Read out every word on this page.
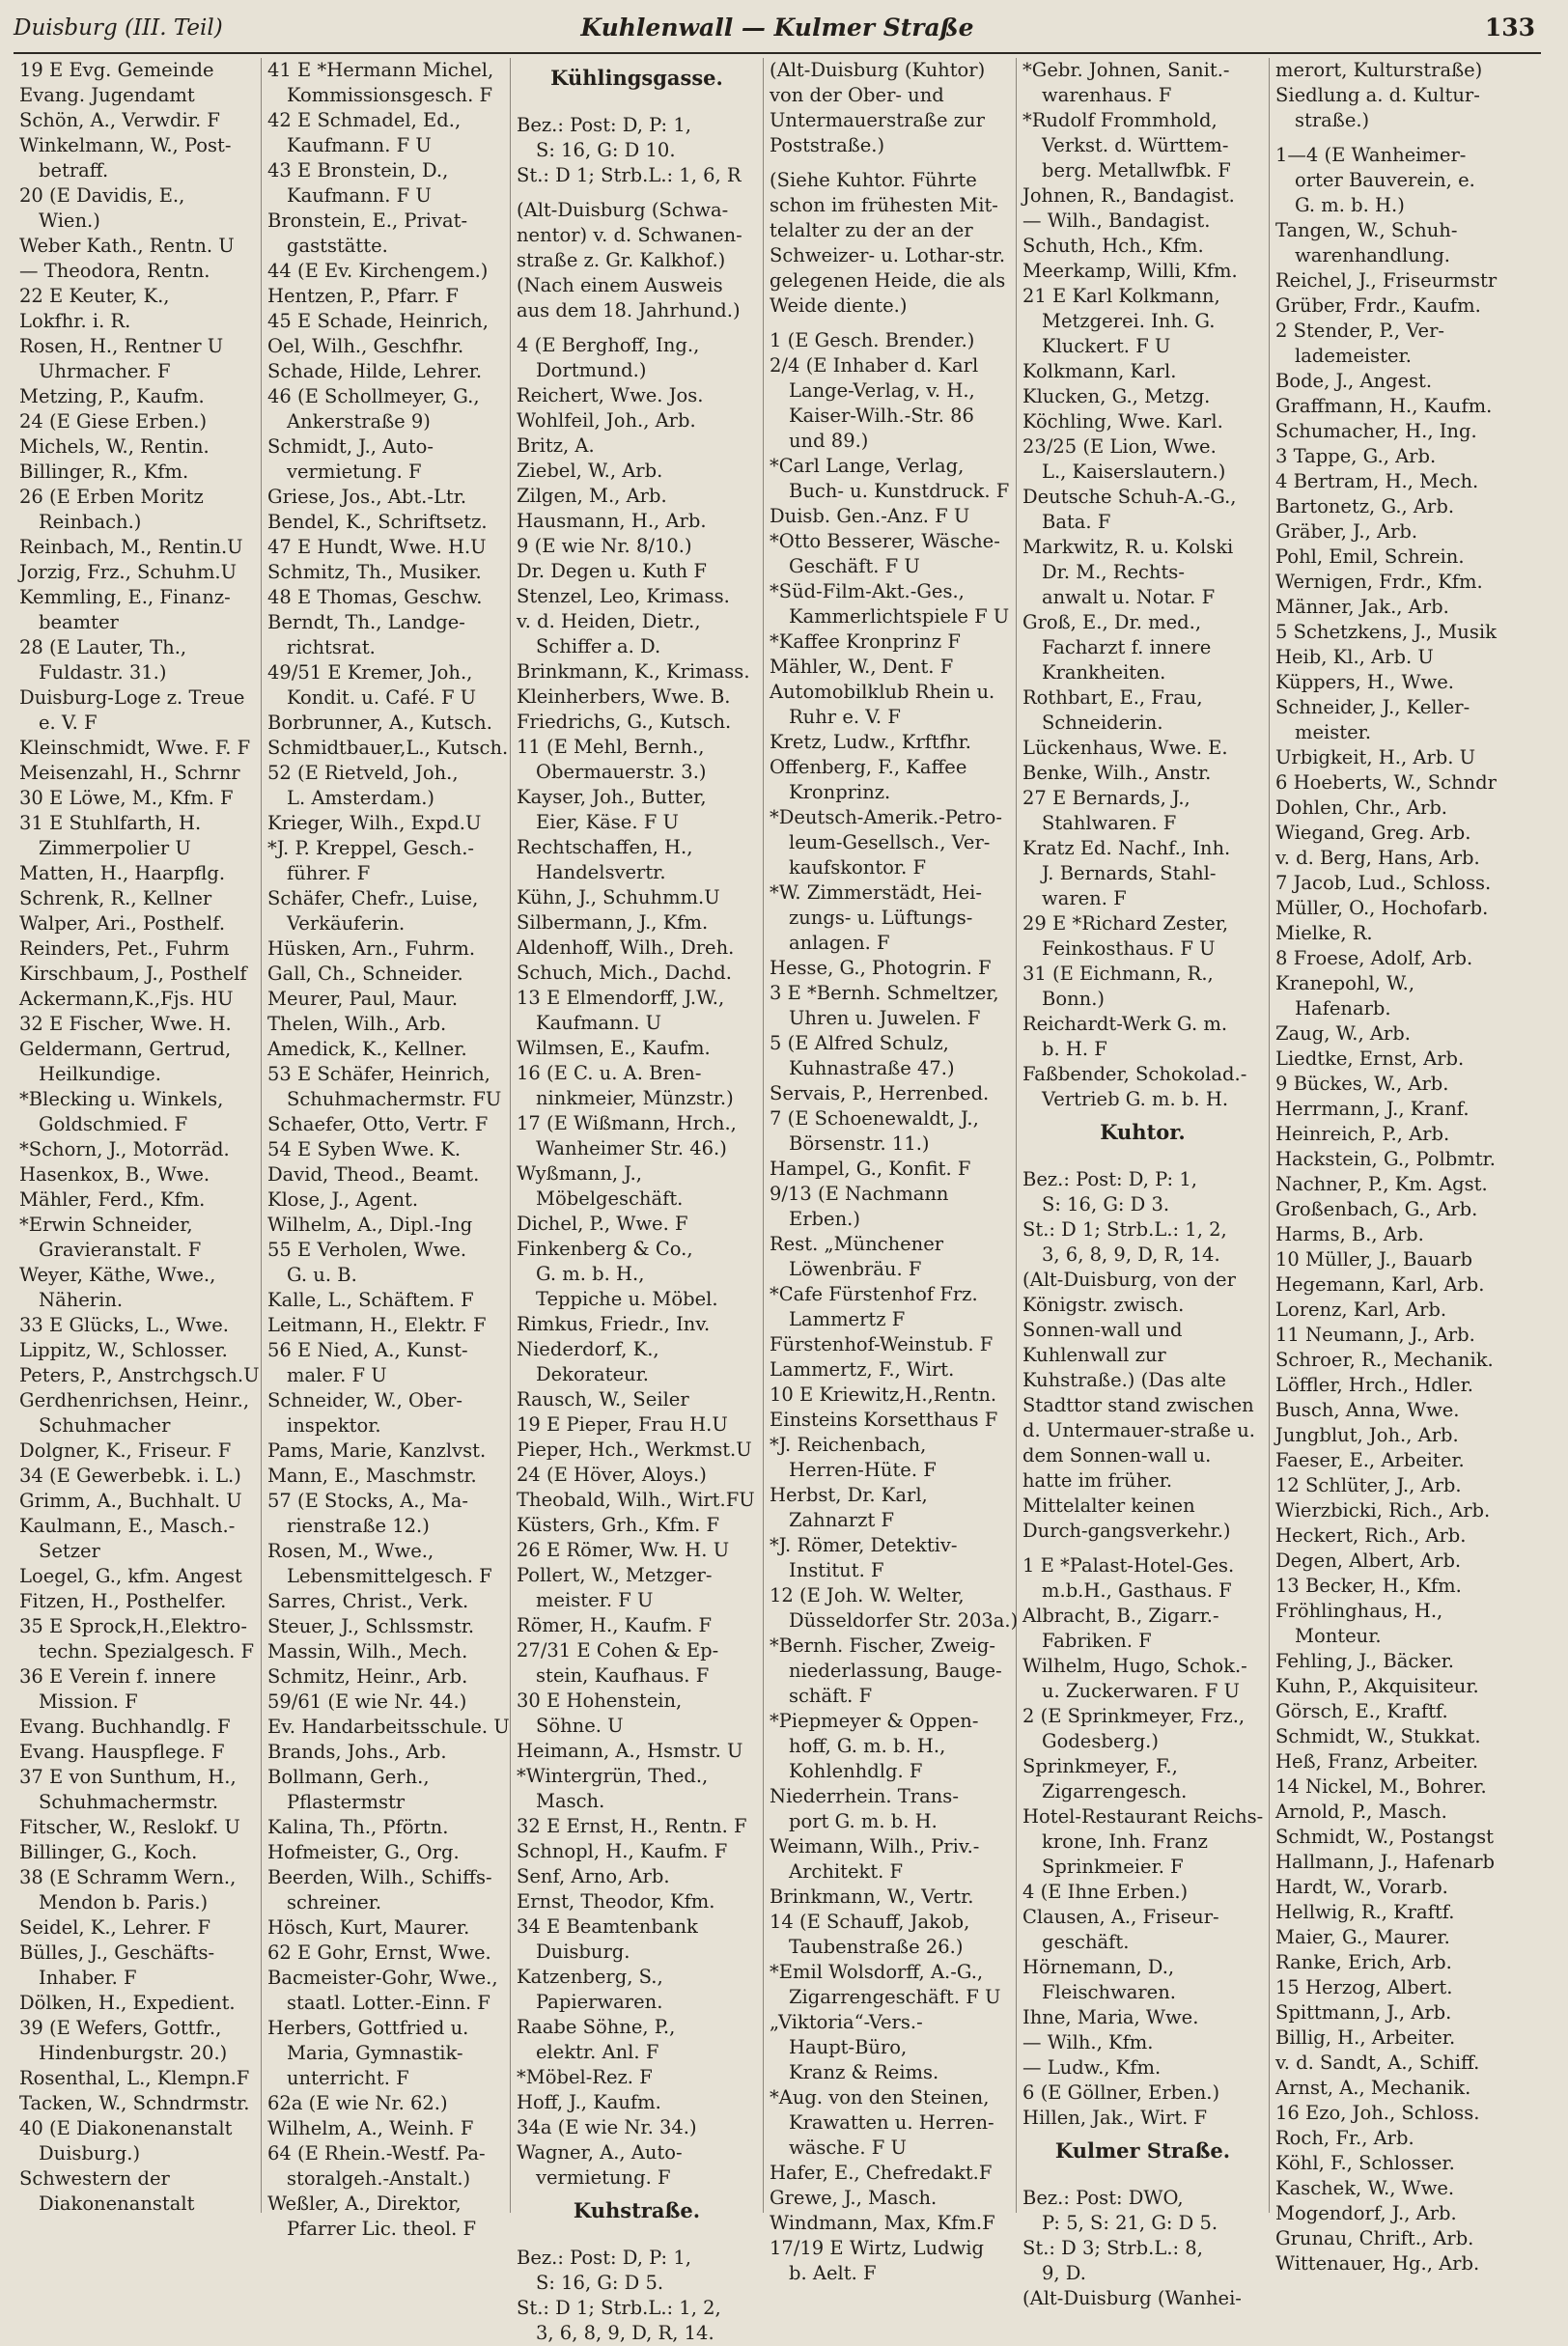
Duisburg (III. Teil)	Kuhlenwall — Kulmer Straße	133

19 E Evg. Gemeinde

Evang. Jugendamt

Schön, A., Verwdir. F

Winkelmann, W., Post-

betraff.

20 (E Davidis, E.,

Wien.)

Weber Kath., Rentn. U

— Theodora, Rentn.

22 E Keuter, K.,

Lokfhr. i. R.

Rosen, H., Rentner U

Uhrmacher. F

Metzing, P., Kaufm.

24 (E Giese Erben.)

Michels, W., Rentin.

Billinger, R., Kfm.

26 (E Erben Moritz

Reinbach.)

Reinbach, M., Rentin.U

Jorzig, Frz., Schuhm.U

Kemmling, E., Finanz-

beamter

28 (E Lauter, Th.,

Fuldastr. 31.)

Duisburg-Loge z. Treue

e. V. F

Kleinschmidt, Wwe. F. F

Meisenzahl, H., Schrnr

30 E Löwe, M., Kfm. F

31 E Stuhlfarth, H.

Zimmerpolier U

Matten, H., Haarpflg.

Schrenk, R., Kellner

Walper, Ari., Posthelf.

Reinders, Pet., Fuhrm

Kirschbaum, J., Posthelf

Ackermann,K.,Fjs. HU

32 E Fischer, Wwe. H.

Geldermann, Gertrud,

Heilkundige.

*Blecking u. Winkels,

Goldschmied. F

*Schorn, J., Motorräd.

Hasenkox, B., Wwe.

Mähler, Ferd., Kfm.

*Erwin Schneider,

Gravieranstalt. F

Weyer, Käthe, Wwe.,

Näherin.

33 E Glücks, L., Wwe.

Lippitz, W., Schlosser.

Peters, P., Anstrchgsch.U

Gerdhenrichsen, Heinr.,

Schuhmacher

Dolgner, K., Friseur. F

34 (E Gewerbebk. i. L.)

Grimm, A., Buchhalt. U

Kaulmann, E., Masch.-

Setzer

Loegel, G., kfm. Angest

Fitzen, H., Posthelfer.

35 E Sprock,H.,Elektro-

techn. Spezialgesch. F

36 E Verein f. innere

Mission. F

Evang. Buchhandlg. F

Evang. Hauspflege. F

37 E von Sunthum, H.,

Schuhmachermstr.

Fitscher, W., Reslokf. U

Billinger, G., Koch.

38 (E Schramm Wern.,

Mendon b. Paris.)

Seidel, K., Lehrer. F

Bülles, J., Geschäfts-

Inhaber. F

Dölken, H., Expedient.

39 (E Wefers, Gottfr.,

Hindenburgstr. 20.)

Rosenthal, L., Klempn.F

Tacken, W., Schndrmstr.

40 (E Diakonenanstalt

Duisburg.)

Schwestern der

Diakonenanstalt

41 E *Hermann Michel,

Kommissionsgesch. F

42 E Schmadel, Ed.,

Kaufmann. F U

43 E Bronstein, D.,

Kaufmann. F U

Bronstein, E., Privat-

gaststätte.

44 (E Ev. Kirchengem.)

Hentzen, P., Pfarr. F

45 E Schade, Heinrich,

Oel, Wilh., Geschfhr.

Schade, Hilde, Lehrer.

46 (E Schollmeyer, G.,

Ankerstraße 9)

Schmidt, J., Auto-

vermietung. F

Griese, Jos., Abt.-Ltr.

Bendel, K., Schriftsetz.

47 E Hundt, Wwe. H.U

Schmitz, Th., Musiker.

48 E Thomas, Geschw.

Berndt, Th., Landge-

richtsrat.

49/51 E Kremer, Joh.,

Kondit. u. Café. F U

Borbrunner, A., Kutsch.

Schmidtbauer,L., Kutsch.

52 (E Rietveld, Joh.,

L. Amsterdam.)

Krieger, Wilh., Expd.U

*J. P. Kreppel, Gesch.-

führer. F

Schäfer, Chefr., Luise,

Verkäuferin.

Hüsken, Arn., Fuhrm.

Gall, Ch., Schneider.

Meurer, Paul, Maur.

Thelen, Wilh., Arb.

Amedick, K., Kellner.

53 E Schäfer, Heinrich,

Schuhmachermstr. FU

Schaefer, Otto, Vertr. F

54 E Syben Wwe. K.

David, Theod., Beamt.

Klose, J., Agent.

Wilhelm, A., Dipl.-Ing

55 E Verholen, Wwe.

G. u. B.

Kalle, L., Schäftem. F

Leitmann, H., Elektr. F

56 E Nied, A., Kunst-

maler. F U

Schneider, W., Ober-

inspektor.

Pams, Marie, Kanzlvst.

Mann, E., Maschmstr.

57 (E Stocks, A., Ma-

rienstraße 12.)

Rosen, M., Wwe.,

Lebensmittelgesch. F

Sarres, Christ., Verk.

Steuer, J., Schlssmstr.

Massin, Wilh., Mech.

Schmitz, Heinr., Arb.

59/61 (E wie Nr. 44.)

Ev. Handarbeitsschule. U

Brands, Johs., Arb.

Bollmann, Gerh.,

Pflastermstr

Kalina, Th., Pförtn.

Hofmeister, G., Org.

Beerden, Wilh., Schiffs-

schreiner.

Hösch, Kurt, Maurer.

62 E Gohr, Ernst, Wwe.

Bacmeister-Gohr, Wwe.,

staatl. Lotter.-Einn. F

Herbers, Gottfried u.

Maria, Gymnastik-

unterricht. F

62a (E wie Nr. 62.)

Wilhelm, A., Weinh. F

64 (E Rhein.-Westf. Pa-

storalgeh.-Anstalt.)

Weßler, A., Direktor,

Pfarrer Lic. theol. F

Kühlingsgasse.

Bez.: Post: D, P: 1,

S: 16, G: D 10.

St.: D 1; Strb.L.: 1, 6, R

(Alt-Duisburg (Schwa-nentor) v. d. Schwanen-straße z. Gr. Kalkhof.) (Nach einem Ausweis aus dem 18. Jahrhund.)

4 (E Berghoff, Ing.,

Dortmund.)

Reichert, Wwe. Jos.

Wohlfeil, Joh., Arb.

Britz, A.

Ziebel, W., Arb.

Zilgen, M., Arb.

Hausmann, H., Arb.

9 (E wie Nr. 8/10.)

Dr. Degen u. Kuth F

Stenzel, Leo, Krimass.

v. d. Heiden, Dietr.,

Schiffer a. D.

Brinkmann, K., Krimass.

Kleinherbers, Wwe. B.

Friedrichs, G., Kutsch.

11 (E Mehl, Bernh.,

Obermauerstr. 3.)

Kayser, Joh., Butter,

Eier, Käse. F U

Rechtschaffen, H.,

Handelsvertr.

Kühn, J., Schuhmm.U

Silbermann, J., Kfm.

Aldenhoff, Wilh., Dreh.

Schuch, Mich., Dachd.

13 E Elmendorff, J.W.,

Kaufmann. U

Wilmsen, E., Kaufm.

16 (E C. u. A. Bren-

ninkmeier, Münzstr.)

17 (E Wißmann, Hrch.,

Wanheimer Str. 46.)

Wyßmann, J.,

Möbelgeschäft.

Dichel, P., Wwe. F

Finkenberg & Co.,

G. m. b. H.,

Teppiche u. Möbel.

Rimkus, Friedr., Inv.

Niederdorf, K.,

Dekorateur.

Rausch, W., Seiler

19 E Pieper, Frau H.U

Pieper, Hch., Werkmst.U

24 (E Höver, Aloys.)

Theobald, Wilh., Wirt.FU

Küsters, Grh., Kfm. F

26 E Römer, Ww. H. U

Pollert, W., Metzger-

meister. F U

Römer, H., Kaufm. F

27/31 E Cohen & Ep-

stein, Kaufhaus. F

30 E Hohenstein,

Söhne. U

Heimann, A., Hsmstr. U

*Wintergrün, Thed.,

Masch.

32 E Ernst, H., Rentn. F

Schnopl, H., Kaufm. F

Senf, Arno, Arb.

Ernst, Theodor, Kfm.

34 E Beamtenbank

Duisburg.

Katzenberg, S.,

Papierwaren.

Raabe Söhne, P.,

elektr. Anl. F

*Möbel-Rez. F

Hoff, J., Kaufm.

34a (E wie Nr. 34.)

Wagner, A., Auto-

vermietung. F

Kuhstraße.

Bez.: Post: D, P: 1,

S: 16, G: D 5.

St.: D 1; Strb.L.: 1, 2,

3, 6, 8, 9, D, R, 14.

(Alt-Duisburg (Kuhtor) von der Ober- und Untermauerstraße zur Poststraße.)

(Siehe Kuhtor. Führte schon im frühesten Mit-telalter zu der an der Schweizer- u. Lothar-str. gelegenen Heide, die als Weide diente.)

1 (E Gesch. Brender.)

2/4 (E Inhaber d. Karl

Lange-Verlag, v. H.,

Kaiser-Wilh.-Str. 86

und 89.)

*Carl Lange, Verlag,

Buch- u. Kunstdruck. F

Duisb. Gen.-Anz. F U

*Otto Besserer, Wäsche-

Geschäft. F U

*Süd-Film-Akt.-Ges.,

Kammerlichtspiele F U

*Kaffee Kronprinz F

Mähler, W., Dent. F

Automobilklub Rhein u.

Ruhr e. V. F

Kretz, Ludw., Krftfhr.

Offenberg, F., Kaffee

Kronprinz.

*Deutsch-Amerik.-Petro-

leum-Gesellsch., Ver-

kaufskontor. F

*W. Zimmerstädt, Hei-

zungs- u. Lüftungs-

anlagen. F

Hesse, G., Photogrin. F

3 E *Bernh. Schmeltzer,

Uhren u. Juwelen. F

5 (E Alfred Schulz,

Kuhnastraße 47.)

Servais, P., Herrenbed.

7 (E Schoenewaldt, J.,

Börsenstr. 11.)

Hampel, G., Konfit. F

9/13 (E Nachmann

Erben.)

Rest. „Münchener

Löwenbräu. F

*Cafe Fürstenhof Frz.

Lammertz F

Fürstenhof-Weinstub. F

Lammertz, F., Wirt.

10 E Kriewitz,H.,Rentn.

Einsteins Korsetthaus F

*J. Reichenbach,

Herren-Hüte. F

Herbst, Dr. Karl,

Zahnarzt F

*J. Römer, Detektiv-

Institut. F

12 (E Joh. W. Welter,

Düsseldorfer Str. 203a.)

*Bernh. Fischer, Zweig-

niederlassung, Bauge-

schäft. F

*Piepmeyer & Oppen-

hoff, G. m. b. H.,

Kohlenhdlg. F

Niederrhein. Trans-

port G. m. b. H.

Weimann, Wilh., Priv.-

Architekt. F

Brinkmann, W., Vertr.

14 (E Schauff, Jakob,

Taubenstraße 26.)

*Emil Wolsdorff, A.-G.,

Zigarrengeschäft. F U

„Viktoria“-Vers.-

Haupt-Büro,

Kranz & Reims.

*Aug. von den Steinen,

Krawatten u. Herren-

wäsche. F U

Hafer, E., Chefredakt.F

Grewe, J., Masch.

Windmann, Max, Kfm.F

17/19 E Wirtz, Ludwig

b. Aelt. F

*Gebr. Johnen, Sanit.-

warenhaus. F

*Rudolf Frommhold,

Verkst. d. Württem-

berg. Metallwfbk. F

Johnen, R., Bandagist.

— Wilh., Bandagist.

Schuth, Hch., Kfm.

Meerkamp, Willi, Kfm.

21 E Karl Kolkmann,

Metzgerei. Inh. G.

Kluckert. F U

Kolkmann, Karl.

Klucken, G., Metzg.

Köchling, Wwe. Karl.

23/25 (E Lion, Wwe.

L., Kaiserslautern.)

Deutsche Schuh-A.-G.,

Bata. F

Markwitz, R. u. Kolski

Dr. M., Rechts-

anwalt u. Notar. F

Groß, E., Dr. med.,

Facharzt f. innere

Krankheiten.

Rothbart, E., Frau,

Schneiderin.

Lückenhaus, Wwe. E.

Benke, Wilh., Anstr.

27 E Bernards, J.,

Stahlwaren. F

Kratz Ed. Nachf., Inh.

J. Bernards, Stahl-

waren. F

29 E *Richard Zester,

Feinkosthaus. F U

31 (E Eichmann, R.,

Bonn.)

Reichardt-Werk G. m.

b. H. F

Faßbender, Schokolad.-

Vertrieb G. m. b. H.

Kuhtor.

Bez.: Post: D, P: 1,

S: 16, G: D 3.

St.: D 1; Strb.L.: 1, 2,

3, 6, 8, 9, D, R, 14.

(Alt-Duisburg, von der Königstr. zwisch. Sonnen-wall und Kuhlenwall zur Kuhstraße.) (Das alte Stadttor stand zwischen d. Untermauer-straße u. dem Sonnen-wall u. hatte im früher. Mittelalter keinen Durch-gangsverkehr.)

1 E *Palast-Hotel-Ges.

m.b.H., Gasthaus. F

Albracht, B., Zigarr.-

Fabriken. F

Wilhelm, Hugo, Schok.-

u. Zuckerwaren. F U

2 (E Sprinkmeyer, Frz.,

Godesberg.)

Sprinkmeyer, F.,

Zigarrengesch.

Hotel-Restaurant Reichs-

krone, Inh. Franz

Sprinkmeier. F

4 (E Ihne Erben.)

Clausen, A., Friseur-

geschäft.

Hörnemann, D.,

Fleischwaren.

Ihne, Maria, Wwe.

— Wilh., Kfm.

— Ludw., Kfm.

6 (E Göllner, Erben.)

Hillen, Jak., Wirt. F

Kulmer Straße.

Bez.: Post: DWO,

P: 5, S: 21, G: D 5.

St.: D 3; Strb.L.: 8,

9, D.

(Alt-Duisburg (Wanhei-

merort, Kulturstraße)

Siedlung a. d. Kultur-

straße.)

1—4 (E Wanheimer-

orter Bauverein, e.

G. m. b. H.)

Tangen, W., Schuh-

warenhandlung.

Reichel, J., Friseurmstr

Grüber, Frdr., Kaufm.

2 Stender, P., Ver-

lademeister.

Bode, J., Angest.

Graffmann, H., Kaufm.

Schumacher, H., Ing.

3 Tappe, G., Arb.

4 Bertram, H., Mech.

Bartonetz, G., Arb.

Gräber, J., Arb.

Pohl, Emil, Schrein.

Wernigen, Frdr., Kfm.

Männer, Jak., Arb.

5 Schetzkens, J., Musik

Heib, Kl., Arb. U

Küppers, H., Wwe.

Schneider, J., Keller-

meister.

Urbigkeit, H., Arb. U

6 Hoeberts, W., Schndr

Dohlen, Chr., Arb.

Wiegand, Greg. Arb.

v. d. Berg, Hans, Arb.

7 Jacob, Lud., Schloss.

Müller, O., Hochofarb.

Mielke, R.

8 Froese, Adolf, Arb.

Kranepohl, W.,

Hafenarb.

Zaug, W., Arb.

Liedtke, Ernst, Arb.

9 Bückes, W., Arb.

Herrmann, J., Kranf.

Heinreich, P., Arb.

Hackstein, G., Polbmtr.

Nachner, P., Km. Agst.

Großenbach, G., Arb.

Harms, B., Arb.

10 Müller, J., Bauarb

Hegemann, Karl, Arb.

Lorenz, Karl, Arb.

11 Neumann, J., Arb.

Schroer, R., Mechanik.

Löffler, Hrch., Hdler.

Busch, Anna, Wwe.

Jungblut, Joh., Arb.

Faeser, E., Arbeiter.

12 Schlüter, J., Arb.

Wierzbicki, Rich., Arb.

Heckert, Rich., Arb.

Degen, Albert, Arb.

13 Becker, H., Kfm.

Fröhlinghaus, H.,

Monteur.

Fehling, J., Bäcker.

Kuhn, P., Akquisiteur.

Görsch, E., Kraftf.

Schmidt, W., Stukkat.

Heß, Franz, Arbeiter.

14 Nickel, M., Bohrer.

Arnold, P., Masch.

Schmidt, W., Postangst

Hallmann, J., Hafenarb

Hardt, W., Vorarb.

Hellwig, R., Kraftf.

Maier, G., Maurer.

Ranke, Erich, Arb.

15 Herzog, Albert.

Spittmann, J., Arb.

Billig, H., Arbeiter.

v. d. Sandt, A., Schiff.

Arnst, A., Mechanik.

16 Ezo, Joh., Schloss.

Roch, Fr., Arb.

Köhl, F., Schlosser.

Kaschek, W., Wwe.

Mogendorf, J., Arb.

Grunau, Chrift., Arb.

Wittenauer, Hg., Arb.
